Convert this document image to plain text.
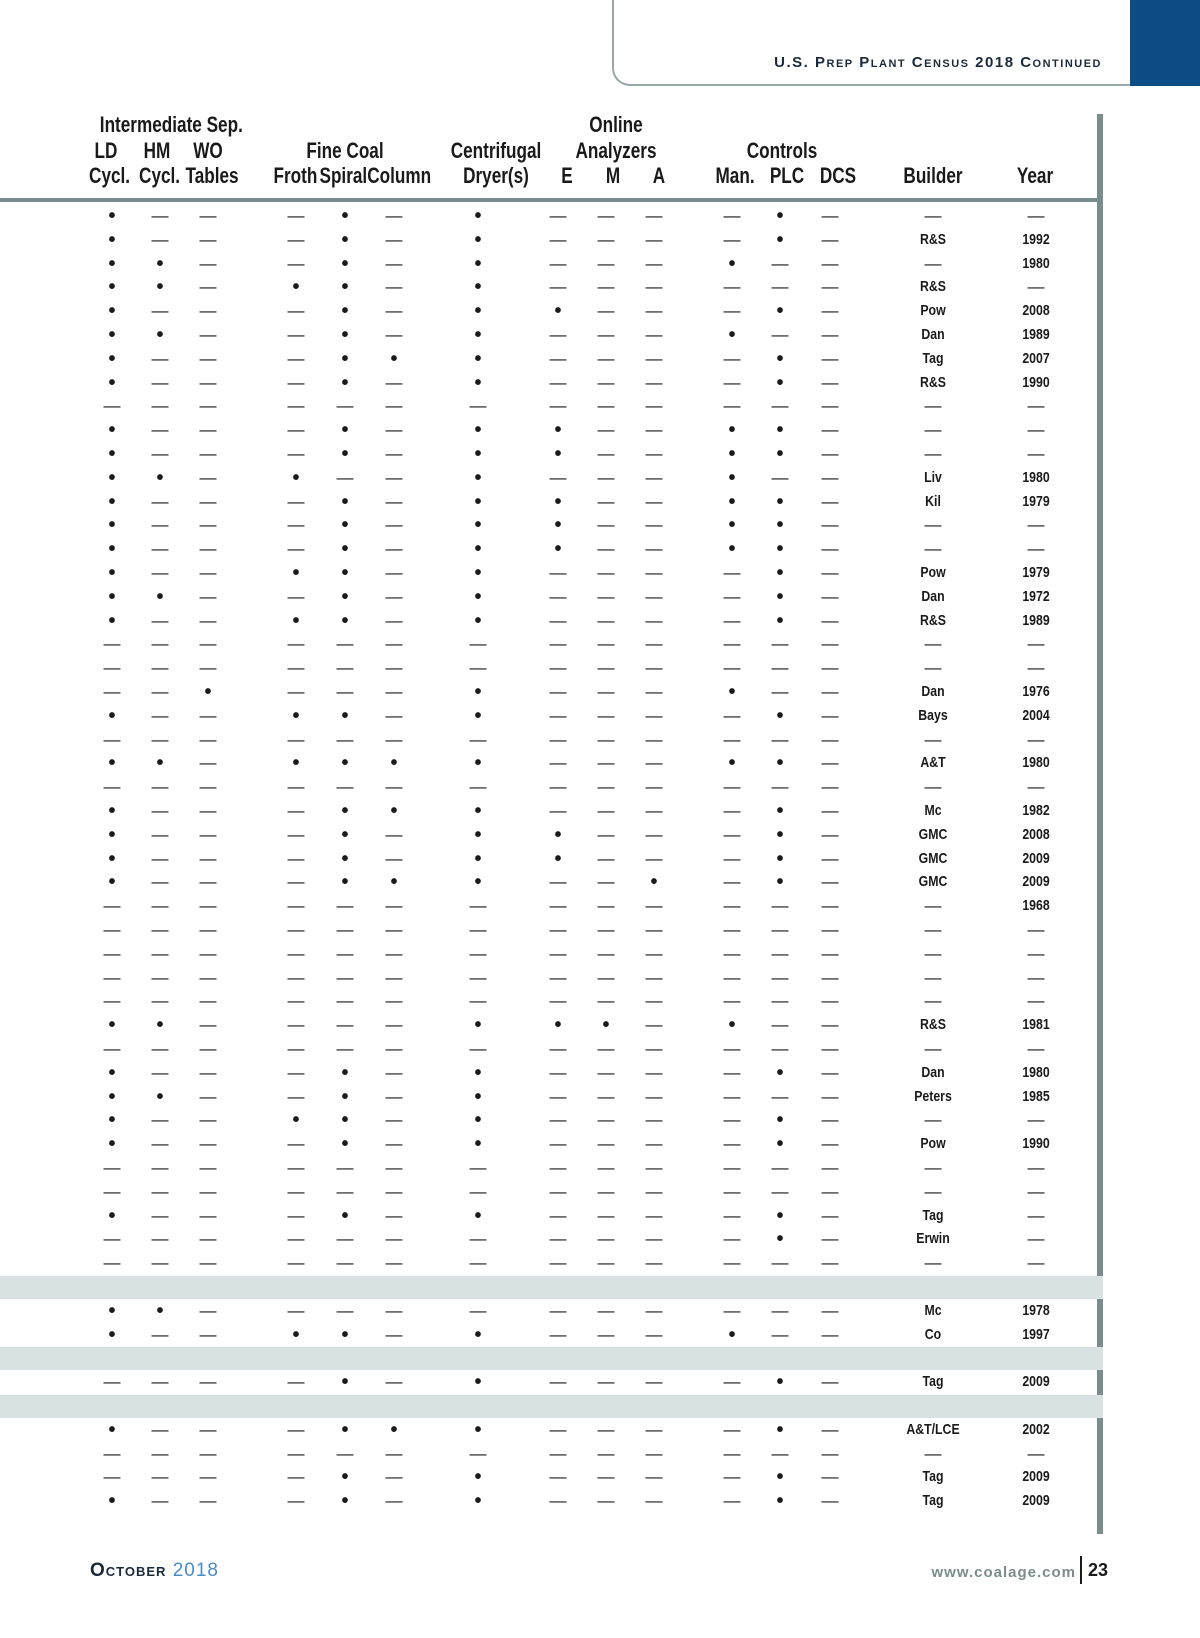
U.S. Prep Plant Census 2018 Continued
Intermediate Sep.
LD HM WO
Cycl. Cycl. Tables
Fine Coal
Froth Spiral Column
Centrifugal
Dryer(s)
Online
Analyzers
E M A
Controls
Man. PLC DCS Builder	Year
• — —	— • —	•	— — —	— • —	—	—
• — —	— • —	•	— — —	— • —	R&S	1992
• • —	— • —	•	— — —	• — —	—	1980
• • —	• • —	•	— — —	— — —	R&S	—
• — —	— • —	•	• — —	— • —	Pow	2008
• • —	— • —	•	— — —	• — —	Dan	1989
• — —	— • •	•	— — —	— • —	Tag	2007
• — —	— • —	•	— — —	— • —	R&S	1990
— — —	— — —	—	— — —	— — —	—	—
• — —	— • —	•	• — —	• • —	—	—
• — —	— • —	•	• — —	• • —	—	—
• • —	• — —	•	— — —	• — —	Liv	1980
• — —	— • —	•	• — —	• • —	Kil	1979
• — —	— • —	•	• — —	• • —	—	—
• — —	— • —	•	• — —	• • —	—	—
• — —	• • —	•	— — —	— • —	Pow	1979
• • —	— • —	•	— — —	— • —	Dan	1972
• — —	• • —	•	— — —	— • —	R&S	1989
— — —	— — —	—	— — —	— — —	—	—
— — —	— — —	—	— — —	— — —	—	—
— — •	— — —	•	— — —	• — —	Dan	1976
• — —	• • —	•	— — —	— • —	Bays	2004
— — —	— — —	—	— — —	— — —	—	—
• • —	• • •	•	— — —	• • —	A&T	1980
— — —	— — —	—	— — —	— — —	—	—
• — —	— • •	•	— — —	— • —	Mc	1982
• — —	— • —	•	• — —	— • —	GMC	2008
• — —	— • —	•	• — —	— • —	GMC	2009
• — —	— • •	•	— — •	— • —	GMC	2009
— — —	— — —	—	— — —	— — —	—	1968
— — —	— — —	—	— — —	— — —	—	—
— — —	— — —	—	— — —	— — —	—	—
— — —	— — —	—	— — —	— — —	—	—
— — —	— — —	—	— — —	— — —	—	—
• • —	— — —	•	• • —	• — —	R&S	1981
— — —	— — —	—	— — —	— — —	—	—
• — —	— • —	•	— — —	— • —	Dan	1980
• • —	— • —	•	— — —	— — —	Peters	1985
• — —	• • —	•	— — —	— • —	—	—
• — —	— • —	•	— — —	— • —	Pow	1990
— — —	— — —	—	— — —	— — —	—	—
— — —	— — —	—	— — —	— — —	—	—
• — —	— • —	•	— — —	— • —	Tag	—
— — —	— — —	—	— — —	— • —	Erwin	—
— — —	— — —	—	— — —	— — —	—	—
• • —	— — —	—	— — —	— — —	Mc	1978
• — —	• • —	•	— — —	• — —	Co	1997
— — —	— • —	•	— — —	— • —	Tag	2009
• — —	— • •	•	— — —	— • —	A&T/LCE	2002
— — —	— — —	—	— — —	— — —	—	—
— — —	— • —	•	— — —	— • —	Tag	2009
• — —	— • —	•	— — —	— • —	Tag	2009
October 2018	www.coalage.com 23
